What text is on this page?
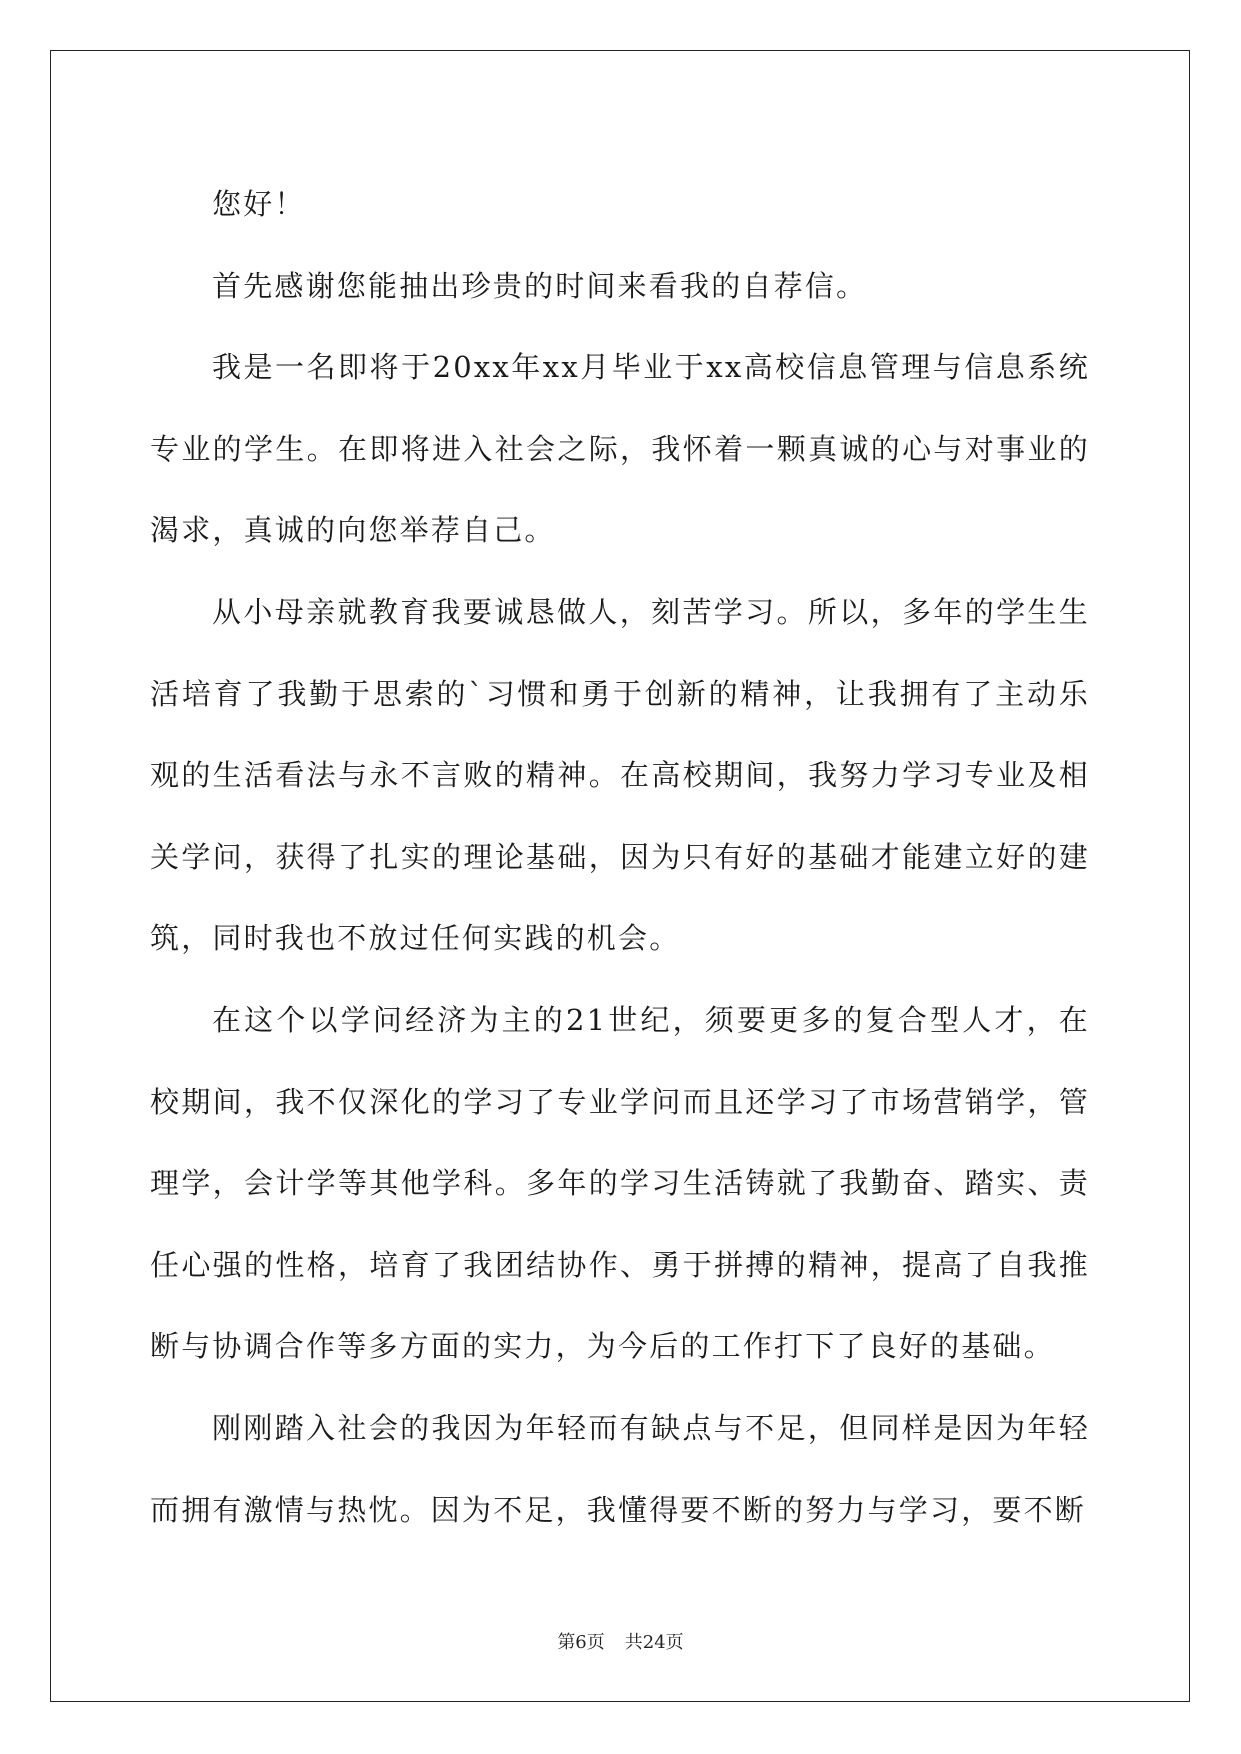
您好！

首先感谢您能抽出珍贵的时间来看我的自荐信。

我是一名即将于20xx年xx月毕业于xx高校信息管理与信息系统专业的学生。在即将进入社会之际，我怀着一颗真诚的心与对事业的渴求，真诚的向您举荐自己。

从小母亲就教育我要诚恳做人，刻苦学习。所以，多年的学生生活培育了我勤于思索的`习惯和勇于创新的精神，让我拥有了主动乐观的生活看法与永不言败的精神。在高校期间，我努力学习专业及相关学问，获得了扎实的理论基础，因为只有好的基础才能建立好的建筑，同时我也不放过任何实践的机会。

在这个以学问经济为主的21世纪，须要更多的复合型人才，在校期间，我不仅深化的学习了专业学问而且还学习了市场营销学，管理学，会计学等其他学科。多年的学习生活铸就了我勤奋、踏实、责任心强的性格，培育了我团结协作、勇于拼搏的精神，提高了自我推断与协调合作等多方面的实力，为今后的工作打下了良好的基础。

刚刚踏入社会的我因为年轻而有缺点与不足，但同样是因为年轻而拥有激情与热忱。因为不足，我懂得要不断的努力与学习，要不断

第6页 共24页
